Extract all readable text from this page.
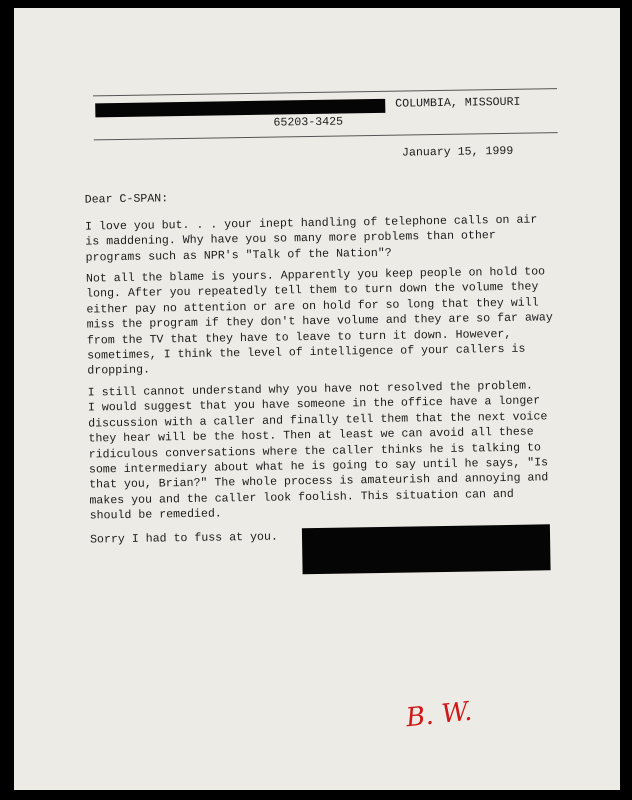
COLUMBIA, MISSOURI
65203-3425
January 15, 1999
Dear C-SPAN:
I love you but. . . your inept handling of telephone calls on air
is maddening. Why have you so many more problems than other
programs such as NPR's "Talk of the Nation"?
Not all the blame is yours. Apparently you keep people on hold too
long. After you repeatedly tell them to turn down the volume they
either pay no attention or are on hold for so long that they will
miss the program if they don't have volume and they are so far away
from the TV that they have to leave to turn it down. However,
sometimes, I think the level of intelligence of your callers is
dropping.
I still cannot understand why you have not resolved the problem.
I would suggest that you have someone in the office have a longer
discussion with a caller and finally tell them that the next voice
they hear will be the host. Then at least we can avoid all these
ridiculous conversations where the caller thinks he is talking to
some intermediary about what he is going to say until he says, "Is
that you, Brian?" The whole process is amateurish and annoying and
makes you and the caller look foolish. This situation can and
should be remedied.
Sorry I had to fuss at you.
B. W.
